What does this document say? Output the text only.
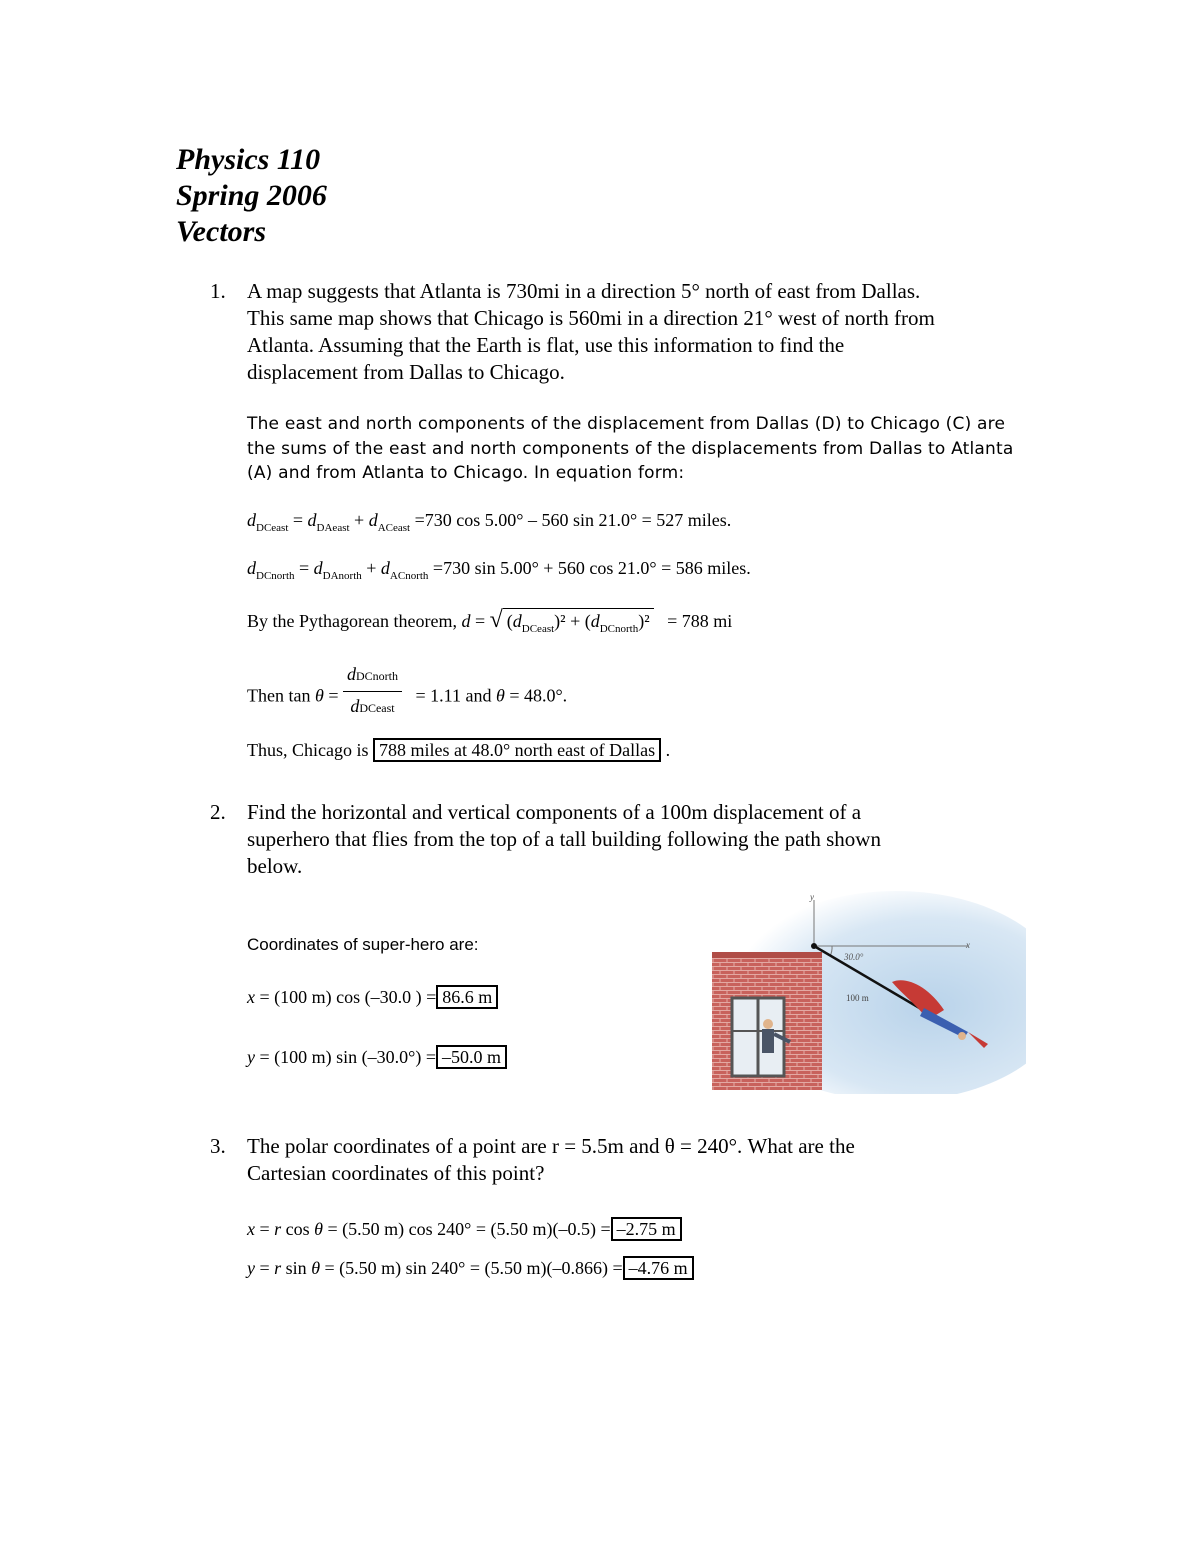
Physics 110
Spring 2006
Vectors
1. A map suggests that Atlanta is 730mi in a direction 5° north of east from Dallas.
This same map shows that Chicago is 560mi in a direction 21° west of north from
Atlanta. Assuming that the Earth is flat, use this information to find the
displacement from Dallas to Chicago.
The east and north components of the displacement from Dallas (D) to Chicago (C) are the sums of the east and north components of the displacements from Dallas to Atlanta (A) and from Atlanta to Chicago. In equation form:
$d_{DCeast} = d_{DAeast} + d_{ACeast} =730$ cos 5.00° – 560 sin 21.0° = 527 miles.
$d_{DCnorth} = d_{DAnorth} + d_{ACnorth} =730$ sin 5.00° + 560 cos 21.0° = 586 miles.
By the Pythagorean theorem, d = √ $(d_{DCeast})^2 + (d_{DCnorth})^2 = 788$ mi
Then $\tan \theta = \frac{\text{dDCnorth}}{\text{dDCeast}} = 1.11$ and θ = 48.0°.
Thus, Chicago is 788 miles at 48.0° north east of Dallas .
2. Find the horizontal and vertical components of a 100m displacement of a
superhero that flies from the top of a tall building following the path shown
below.
Coordinates of super-hero are:
x = (100 m) cos (–30.0 ) = 86.6 m
y = (100 m) sin (–30.0°) = –50.0 m
y
x
30.0°
100 m
3. The polar coordinates of a point are r = 5.5m and θ = 240°. What are the
Cartesian coordinates of this point?
x = r cos θ = (5.50 m) cos 240° = (5.50 m)(–0.5) = –2.75 m
y = r sin θ = (5.50 m) sin 240° = (5.50 m)(–0.866) = –4.76 m
